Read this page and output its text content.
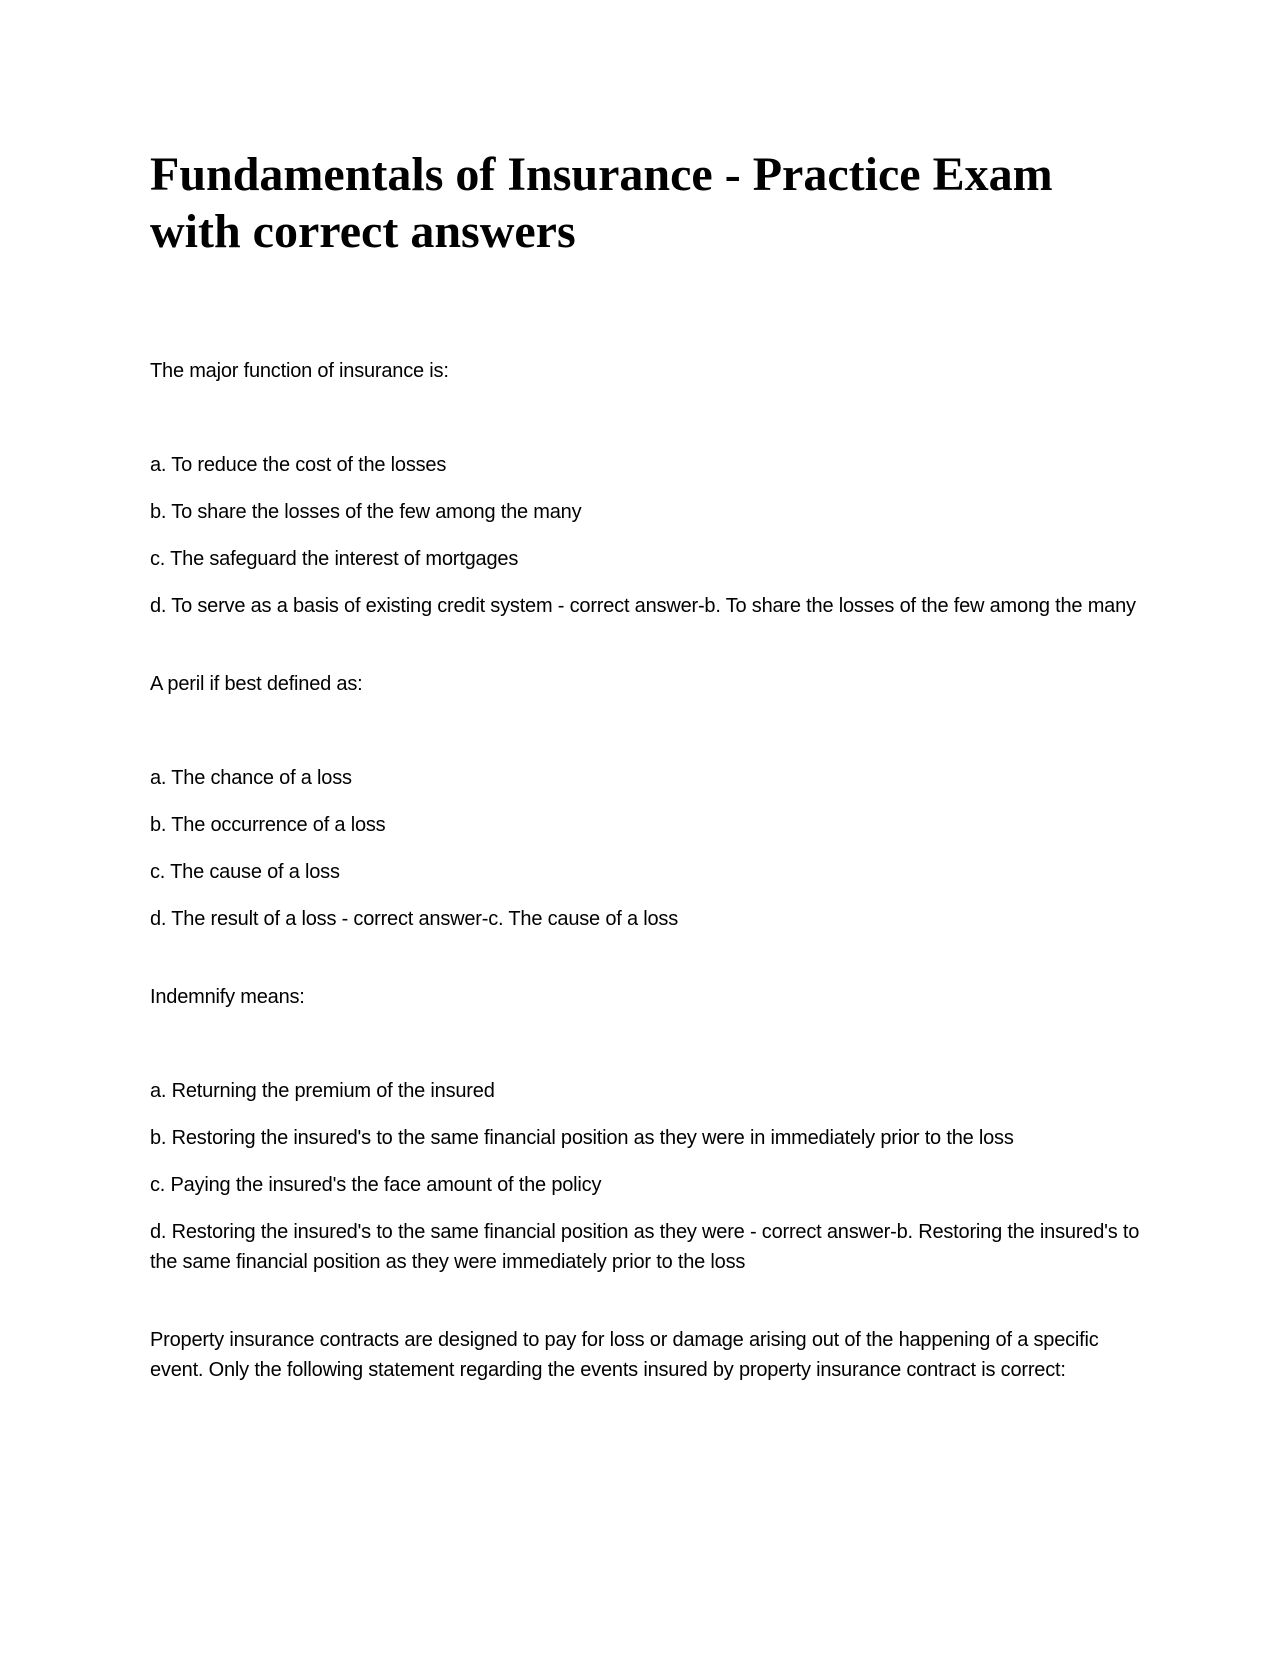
Fundamentals of Insurance - Practice Exam with correct answers

The major function of insurance is:

a. To reduce the cost of the losses
b. To share the losses of the few among the many
c. The safeguard the interest of mortgages
d. To serve as a basis of existing credit system - correct answer-b. To share the losses of the few among the many

A peril if best defined as:

a. The chance of a loss
b. The occurrence of a loss
c. The cause of a loss
d. The result of a loss - correct answer-c. The cause of a loss

Indemnify means:

a. Returning the premium of the insured
b. Restoring the insured's to the same financial position as they were in immediately prior to the loss
c. Paying the insured's the face amount of the policy
d. Restoring the insured's to the same financial position as they were - correct answer-b. Restoring the insured's to the same financial position as they were immediately prior to the loss

Property insurance contracts are designed to pay for loss or damage arising out of the happening of a specific event. Only the following statement regarding the events insured by property insurance contract is correct:
